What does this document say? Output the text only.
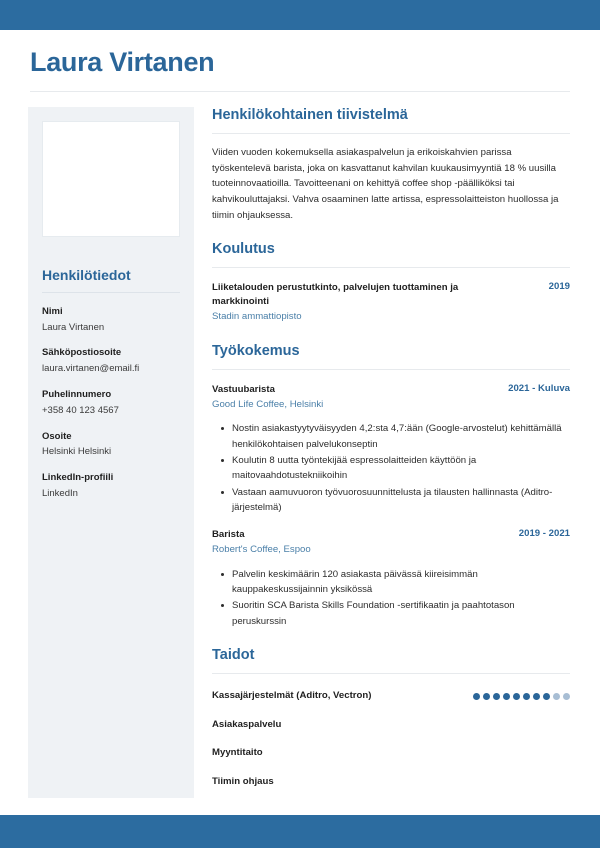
Laura Virtanen
Henkilötiedot
Nimi
Laura Virtanen
Sähköpostiosoite
laura.virtanen@email.fi
Puhelinnumero
+358 40 123 4567
Osoite
Helsinki Helsinki
LinkedIn-profiili
LinkedIn
Henkilökohtainen tiivistelmä

Viiden vuoden kokemuksella asiakaspalvelun ja erikoiskahvien parissa työskentelevä barista, joka on kasvattanut kahvilan kuukausimyyntiä 18 % uusilla tuoteinnovaatioilla. Tavoitteenani on kehittyä coffee shop -päälliköksi tai kahvikouluttajaksi. Vahva osaaminen latte artissa, espressolaitteiston huollossa ja tiimin ohjauksessa.

Koulutus
Liiketalouden perustutkinto, palvelujen tuottaminen ja markkinointi
2019
Stadin ammattiopisto
Työkokemus
Vastuubarista	2021 - Kuluva
Good Life Coffee, Helsinki
Nostin asiakastyytyväisyyden 4,2:sta 4,7:ään (Google-arvostelut) kehittämällä henkilökohtaisen palvelukonseptin
Koulutin 8 uutta työntekijää espressolaitteiden käyttöön ja maitovaahdotustekniikoihin
Vastaan aamuvuoron työvuorosuunnittelusta ja tilausten hallinnasta (Aditro-järjestelmä)
Barista	2019 - 2021
Robert's Coffee, Espoo
Palvelin keskimäärin 120 asiakasta päivässä kiireisimmän kauppakeskussijainnin yksikössä
Suoritin SCA Barista Skills Foundation -sertifikaatin ja paahtotason peruskurssin
Taidot
Kassajärjestelmät (Aditro, Vectron)
Asiakaspalvelu
Myyntitaito
Tiimin ohjaus
